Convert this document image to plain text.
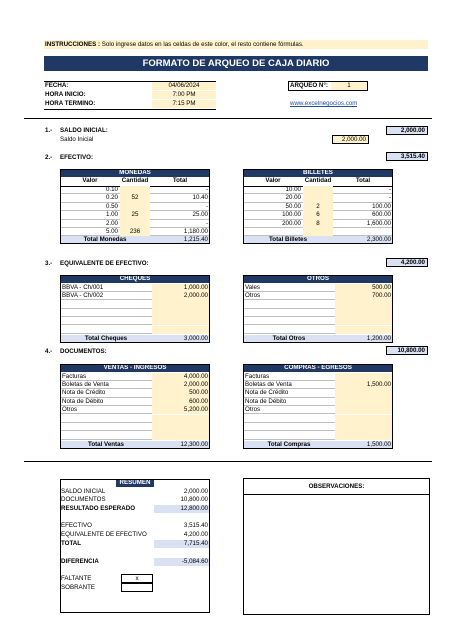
INSTRUCCIONES : Solo ingrese datos en las celdas de este color, el resto contiene fórmulas.
FORMATO DE ARQUEO DE CAJA DIARIO
FECHA:	04/06/2024
HORA INICIO:	7:00 PM
HORA TÉRMINO:	7:15 PM
ARQUEO N°:	1
www.excelnegocios.com
1.- SALDO INICIAL:	2,000.00
Saldo Inicial	2,000.00
2.- EFECTIVO:	3,515.40
MONEDAS
Valor	Cantidad	Total
0.10	-
0.20	52	10.40
0.50	-
1.00	25	25.00
2.00	-
5.00	236	1,180.00
Total Monedas	1,215.40
BILLETES
Valor	Cantidad	Total
10.00	-
20.00	-
50.00	2	100.00
100.00	6	600.00
200.00	8	1,600.00
Total Billetes	2,300.00
3.- EQUIVALENTE DE EFECTIVO:	4,200.00
CHEQUES
BBVA - Ch/001	1,000.00
BBVA - Ch/002	2,000.00
Total Cheques	3,000.00
OTROS
Vales	500.00
Otros	700.00
Total Otros	1,200.00
4.- DOCUMENTOS:	10,800.00
VENTAS - INGRESOS
Facturas	4,000.00
Boletas de Venta	2,000.00
Nota de Crédito	500.00
Nota de Débito	600.00
Otros	5,200.00
Total Ventas	12,300.00
COMPRAS - EGRESOS
Facturas
Boletas de Venta	1,500.00
Nota de Crédito
Nota de Débito
Otros
Total Compras	1,500.00
RESUMEN
SALDO INICIAL	2,000.00
DOCUMENTOS	10,800.00
RESULTADO ESPERADO	12,800.00
EFECTIVO	3,515.40
EQUIVALENTE DE EFECTIVO	4,200.00
TOTAL	7,715.40
DIFERENCIA	-5,084.60
FALTANTE	x
SOBRANTE
OBSERVACIONES:
